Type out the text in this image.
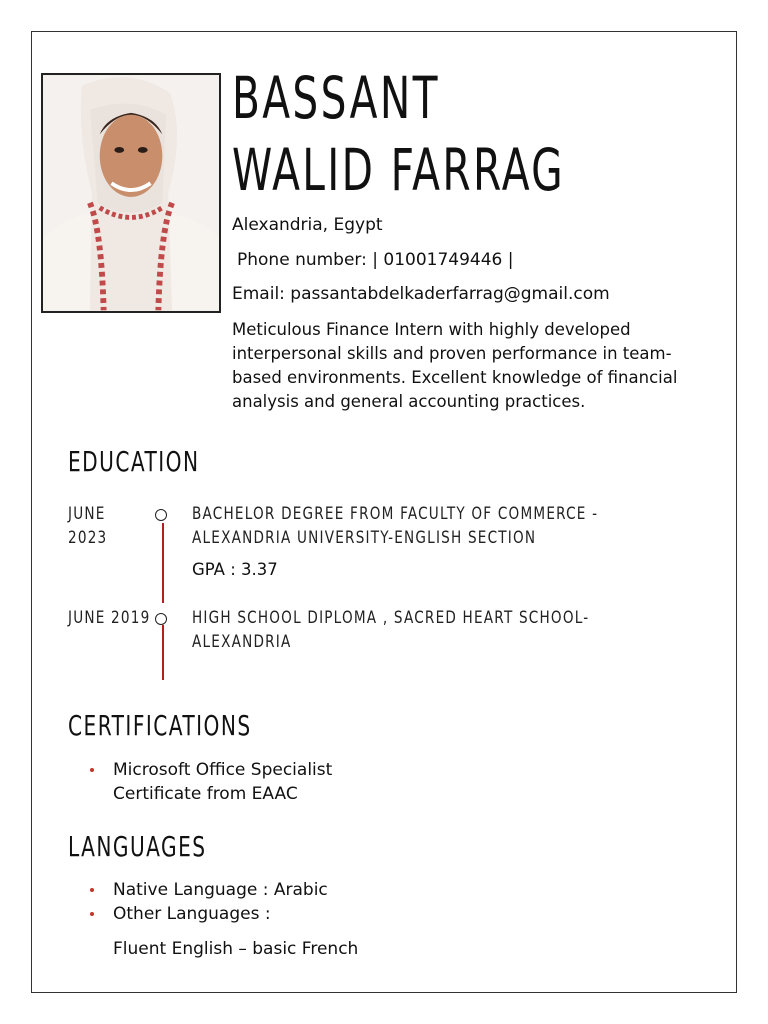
BASSANT WALID FARRAG
Alexandria, Egypt
Phone number: | 01001749446 |
Email: passantabdelkaderfarrag@gmail.com
Meticulous Finance Intern with highly developed interpersonal skills and proven performance in team-based environments. Excellent knowledge of financial analysis and general accounting practices.
EDUCATION
JUNE 2023
BACHELOR DEGREE FROM FACULTY OF COMMERCE - ALEXANDRIA UNIVERSITY-ENGLISH SECTION
GPA : 3.37
JUNE 2019 HIGH SCHOOL DIPLOMA , SACRED HEART SCHOOL-ALEXANDRIA
CERTIFICATIONS
Microsoft Office Specialist Certificate from EAAC
LANGUAGES
Native Language : Arabic
Other Languages :
Fluent English – basic French
